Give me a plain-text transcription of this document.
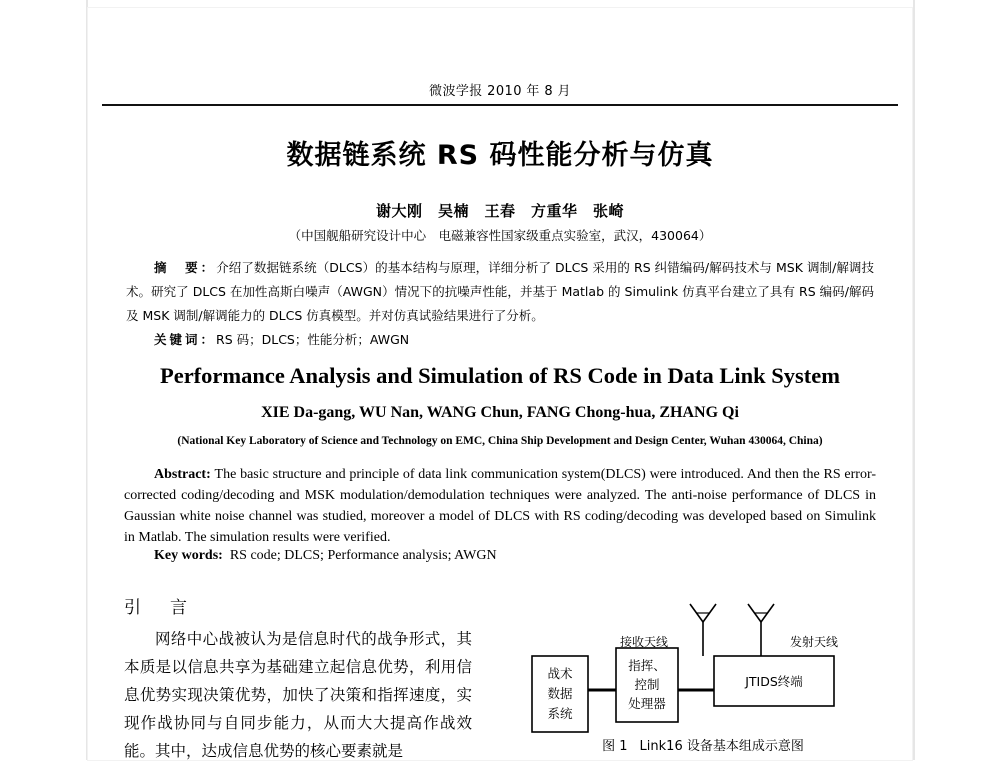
微波学报 2010 年 8 月
数据链系统 RS 码性能分析与仿真
谢大刚　吴楠　王春　方重华　张崎
（中国舰船研究设计中心　电磁兼容性国家级重点实验室，武汉，430064）
摘　要：介绍了数据链系统（DLCS）的基本结构与原理，详细分析了 DLCS 采用的 RS 纠错编码/解码技术与 MSK 调制/解调技术。研究了 DLCS 在加性高斯白噪声（AWGN）情况下的抗噪声性能，并基于 Matlab 的 Simulink 仿真平台建立了具有 RS 编码/解码及 MSK 调制/解调能力的 DLCS 仿真模型。并对仿真试验结果进行了分析。
关键词：RS 码；DLCS；性能分析；AWGN
Performance Analysis and Simulation of RS Code in Data Link System
XIE Da-gang, WU Nan, WANG Chun, FANG Chong-hua, ZHANG Qi
(National Key Laboratory of Science and Technology on EMC, China Ship Development and Design Center, Wuhan 430064, China)
Abstract: The basic structure and principle of data link communication system(DLCS) were introduced. And then the RS error-corrected coding/decoding and MSK modulation/demodulation techniques were analyzed. The anti-noise performance of DLCS in Gaussian white noise channel was studied, moreover a model of DLCS with RS coding/decoding was developed based on Simulink in Matlab. The simulation results were verified.
Key words: RS code; DLCS; Performance analysis; AWGN
引　言
网络中心战被认为是信息时代的战争形式，其本质是以信息共享为基础建立起信息优势，利用信息优势实现决策优势，加快了决策和指挥速度，实现作战协同与自同步能力，从而大大提高作战效能。其中，达成信息优势的核心要素就是
战术
数据
系统
指挥、
控制
处理器
JTIDS终端
接收天线	发射天线
图 1 Link16 设备基本组成示意图
